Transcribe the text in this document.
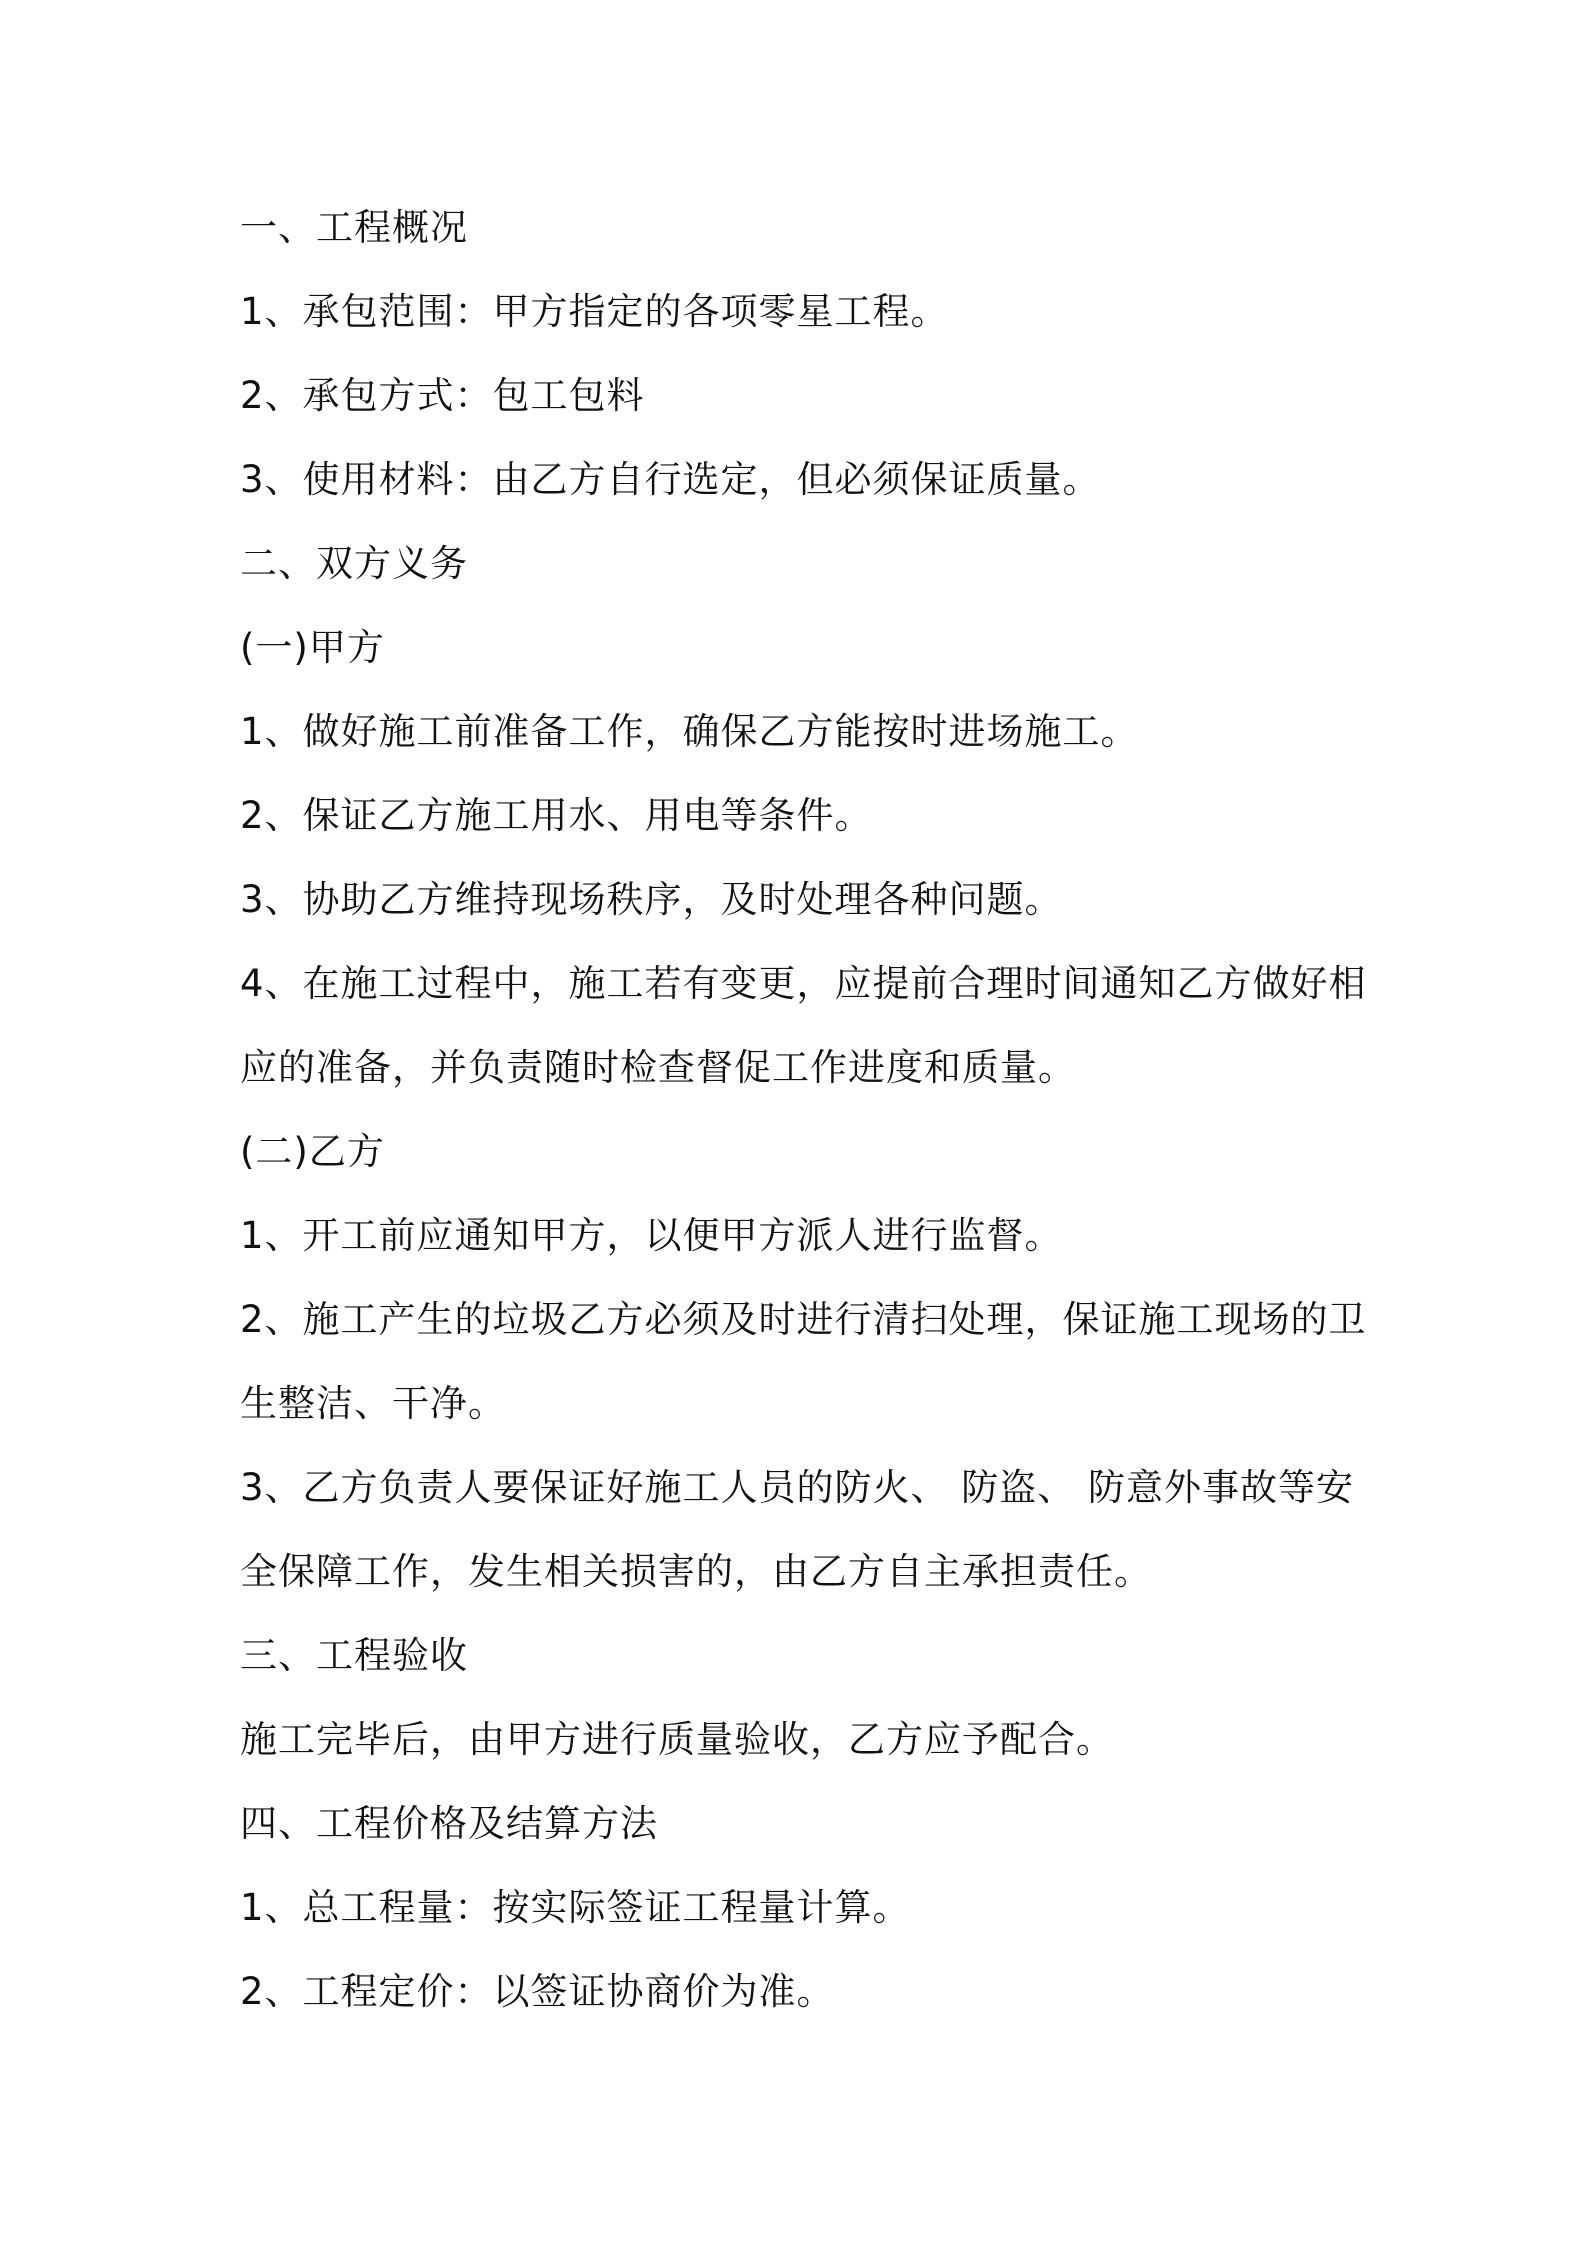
一、工程概况

1、承包范围：甲方指定的各项零星工程。

2、承包方式：包工包料

3、使用材料：由乙方自行选定，但必须保证质量。

二、双方义务

(一)甲方

1、做好施工前准备工作，确保乙方能按时进场施工。

2、保证乙方施工用水、用电等条件。

3、协助乙方维持现场秩序，及时处理各种问题。

4、在施工过程中，施工若有变更，应提前合理时间通知乙方做好相

应的准备，并负责随时检查督促工作进度和质量。

(二)乙方

1、开工前应通知甲方，以便甲方派人进行监督。

2、施工产生的垃圾乙方必须及时进行清扫处理，保证施工现场的卫

生整洁、干净。

3、乙方负责人要保证好施工人员的防火、 防盗、 防意外事故等安

全保障工作，发生相关损害的，由乙方自主承担责任。

三、工程验收

施工完毕后，由甲方进行质量验收，乙方应予配合。

四、工程价格及结算方法

1、总工程量：按实际签证工程量计算。

2、工程定价：以签证协商价为准。
